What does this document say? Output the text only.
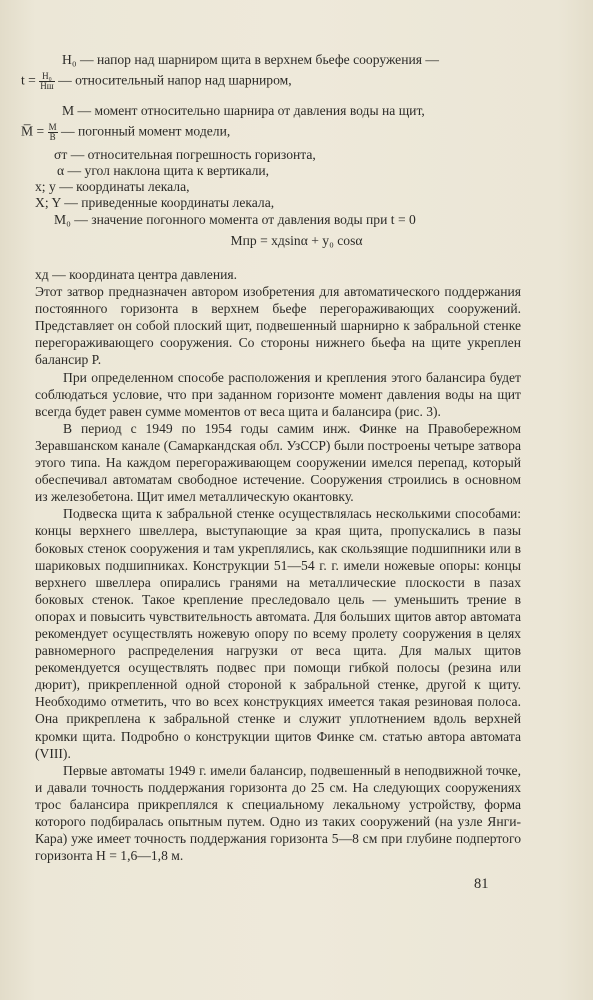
H₀ — напор над шарниром щита в верхнем бьефе сооружения —
$t = \frac{\text{H₀}}{Hш}$ — относительный напор над шарниром,
M — момент относительно шарнира от давления воды на щит,
M̅ = $\frac{M}{B}$ — погонный момент модели,
σт — относительная погрешность горизонта,
α — угол наклона щита к вертикали,
x; y — координаты лекала,
X; Y — приведенные координаты лекала,
M₀ — значение погонного момента от давления воды при t = 0
Mпр = xдsinα + y₀ cosα

xд — координата центра давления.

Этот затвор предназначен автором изобретения для автоматического поддержания постоянного горизонта в верхнем бьефе перегораживающих сооружений. Представляет он собой плоский щит, подвешенный шарнирно к забральной стенке перегораживающего сооружения. Со стороны нижнего бьефа на щите укреплен балансир P.

При определенном способе расположения и крепления этого балансира будет соблюдаться условие, что при заданном горизонте момент давления воды на щит всегда будет равен сумме моментов от веса щита и балансира (рис. 3).

В период с 1949 по 1954 годы самим инж. Финке на Правобережном Зеравшанском канале (Самаркандская обл. УзССР) были построены четыре затвора этого типа. На каждом перегораживающем сооружении имелся перепад, который обеспечивал автоматам свободное истечение. Сооружения строились в основном из железобетона. Щит имел металлическую окантовку.

Подвеска щита к забральной стенке осуществлялась несколькими способами: концы верхнего швеллера, выступающие за края щита, пропускались в пазы боковых стенок сооружения и там укреплялись, как скользящие подшипники или в шариковых подшипниках. Конструкции 51—54 г. г. имели ножевые опоры: концы верхнего швеллера опирались гранями на металлические плоскости в пазах боковых стенок. Такое крепление преследовало цель — уменьшить трение в опорах и повысить чувствительность автомата. Для больших щитов автор автомата рекомендует осуществлять ножевую опору по всему пролету сооружения в целях равномерного распределения нагрузки от веса щита. Для малых щитов рекомендуется осуществлять подвес при помощи гибкой полосы (резина или дюрит), прикрепленной одной стороной к забральной стенке, другой к щиту. Необходимо отметить, что во всех конструкциях имеется такая резиновая полоса. Она прикреплена к забральной стенке и служит уплотнением вдоль верхней кромки щита. Подробно о конструкции щитов Финке см. статью автора автомата (VIII).

Первые автоматы 1949 г. имели балансир, подвешенный в неподвижной точке, и давали точность поддержания горизонта до 25 см. На следующих сооружениях трос балансира прикреплялся к специальному лекальному устройству, форма которого подбиралась опытным путем. Одно из таких сооружений (на узле Янги-Кара) уже имеет точность поддержания горизонта 5—8 см при глубине подпертого горизонта H = 1,6—1,8 м.

81
